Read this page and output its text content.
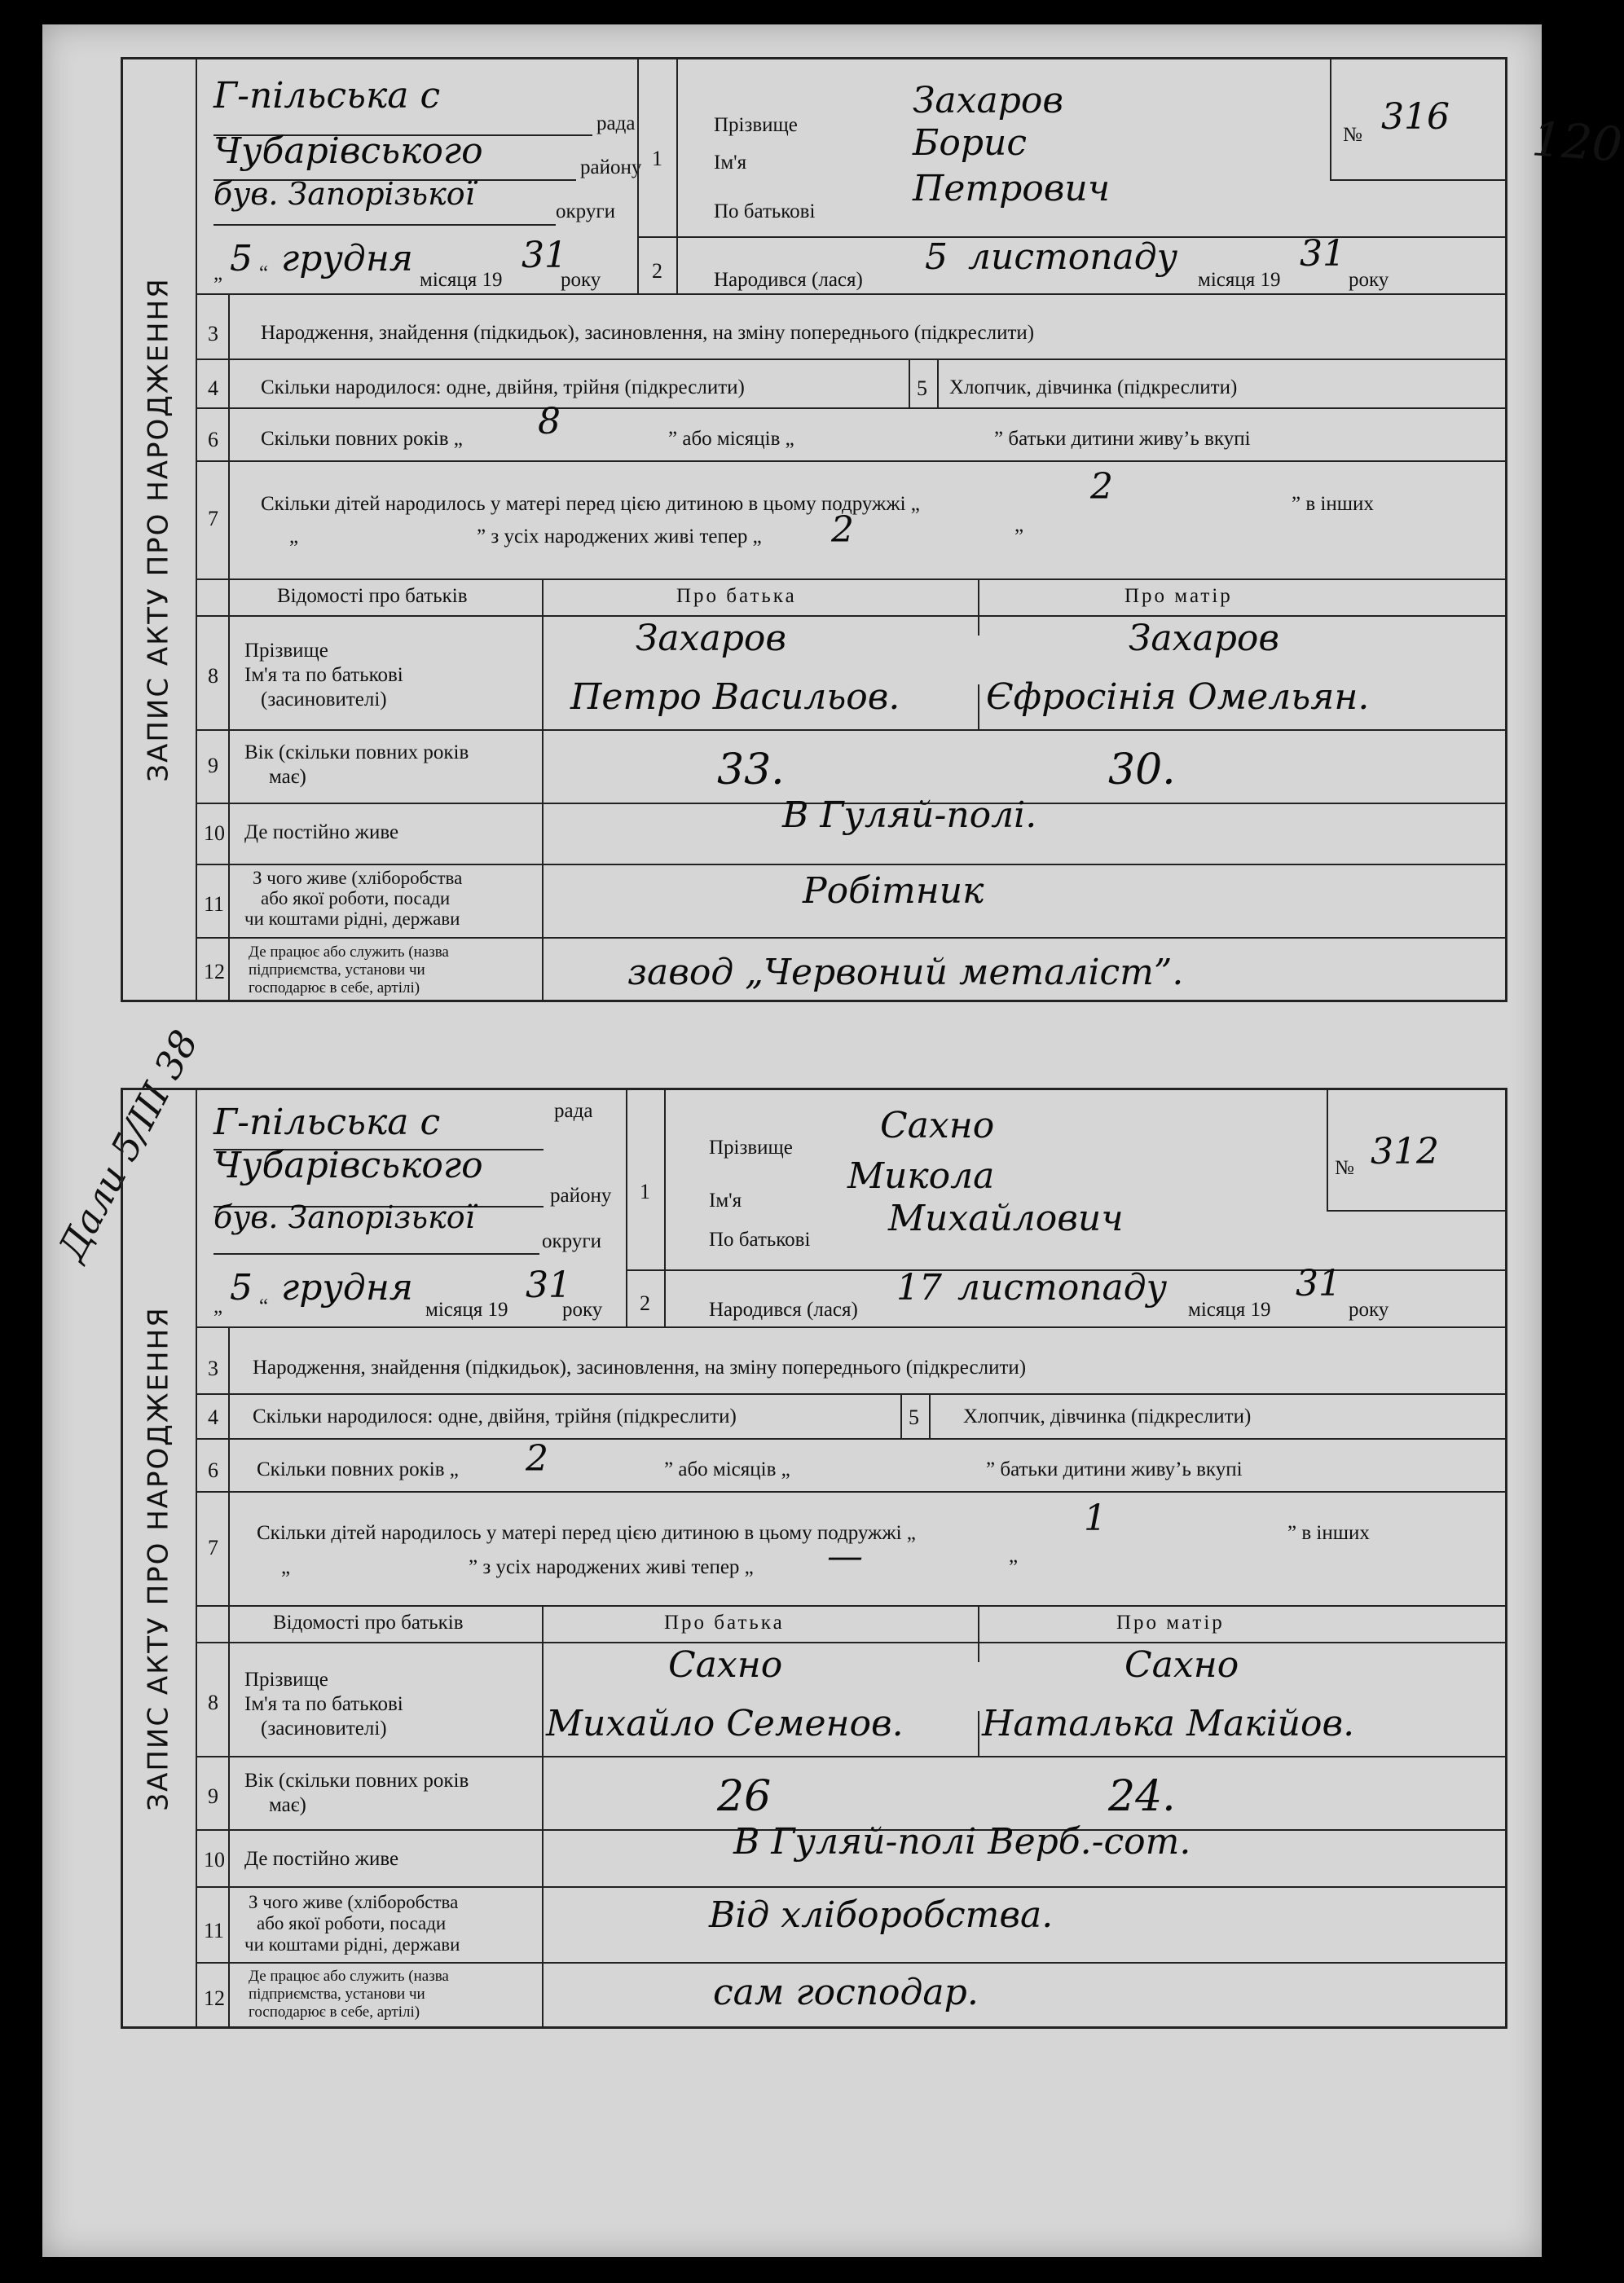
120
Дали 5/III 38
ЗАПИС АКТУ ПРО НАРОДЖЕННЯ
Г-пільська с
рада
Чубарівського	району
був. Запорізької	округи
„ 5 “ грудня
місяця 19
31
року
1
2
Прізвище
Захаров
Ім'я	Борис
По батькові
Петрович
№ 316
Народився (лася)
5 листопаду
місяця 19
31
року
3 Народження, знайдення (підкидьок), засиновлення, на зміну попереднього (підкреслити)
4 Скільки народилося: одне, двійня, трійня (підкреслити)	5 Хлопчик, дівчинка (підкреслити)
6 Скільки повних років „ 8	” або місяців „	” батьки дитини живу’ь вкупі
7
Скільки дітей народилось у матері перед цією дитиною в цьому подружжі „	2	” в інших
„	” з усіх народжених живі тепер „ 2	”
Відомості про батьків	Про батька	Про матір
8
Прізвище
Ім'я та по батькові
(засиновителі)
Захаров	Захаров
Петро Васильов. Єфросінія Омельян.
9
Вік (скільки повних років
має)	33.	30.
10 Де постійно живе	В Гуляй-полі.
11
З чого живе (хліборобства
або якої роботи, посади
чи коштами рідні, держави
Робітник
12
Де працює або служить (назва
підприємства, установи чи
господарює в себе, артілі)	завод „Червоний металіст”.
ЗАПИС АКТУ ПРО НАРОДЖЕННЯ
Г-пільська с	рада
Чубарівського
району
був. Запорізької
округи
„ 5 “ грудня
місяця 19
31
року
1
2
Прізвище
Сахно
Ім'я
Микола
По батькові
Михайлович
№ 312
Народився (лася)
17 листопаду
місяця 19
31
року
3 Народження, знайдення (підкидьок), засиновлення, на зміну попереднього (підкреслити)
4 Скільки народилося: одне, двійня, трійня (підкреслити)	5 Хлопчик, дівчинка (підкреслити)
6 Скільки повних років „ 2	” або місяців „	” батьки дитини живу’ь вкупі
7
Скільки дітей народилось у матері перед цією дитиною в цьому подружжі „	1	” в інших
„	” з усіх народжених живі тепер „ —	”
Відомості про батьків	Про батька	Про матір
8
Прізвище
Ім'я та по батькові
(засиновителі)
Сахно	Сахно
Михайло Семенов. Наталька Макійов.
9
Вік (скільки повних років
має)	26	24.
10 Де постійно живе	В Гуляй-полі Верб.-сот.
11
З чого живе (хліборобства
або якої роботи, посади
чи коштами рідні, держави
Від хліборобства.
12
Де працює або служить (назва
підприємства, установи чи
господарює в себе, артілі)	сам господар.
